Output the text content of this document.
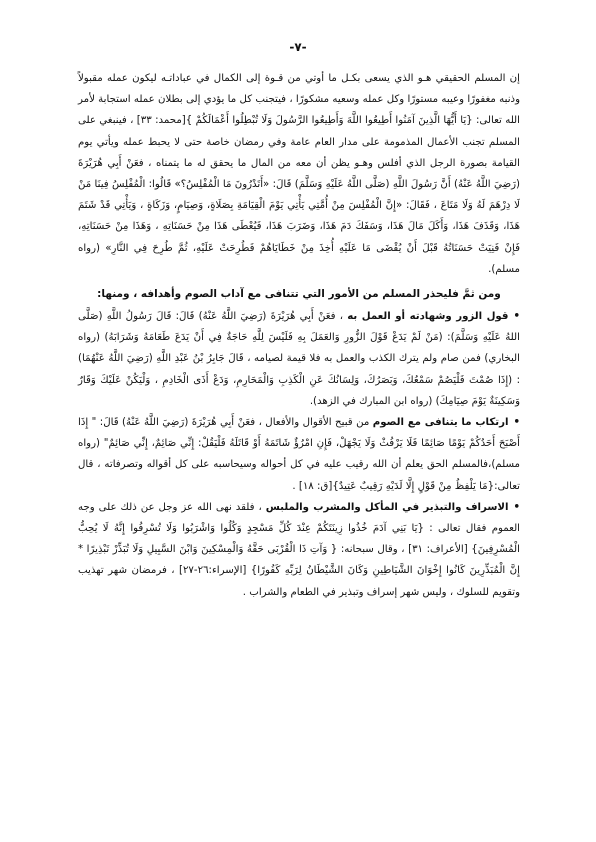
-٧-

إن المسلم الحقيقي هـو الذي يسعى بكـل ما أوتي من قـوة إلى الكمال في عباداتـه ليكون عمله مقبولاً وذنبه مغفورًا وعيبه مستورًا وكل عمله وسعيه مشكورًا ، فيتجنب كل ما يؤدي إلى بطلان عمله استجابة لأمر الله تعالى: {يَا أَيُّهَا الَّذِينَ آمَنُوا أَطِيعُوا اللَّهَ وَأَطِيعُوا الرَّسُولَ وَلَا تُبْطِلُوا أَعْمَالَكُمْ }[محمد: ٣٣] ، فينبغي على المسلم تجنب الأعمال المذمومة على مدار العام عامة وفي رمضان خاصة حتى لا يحبط عمله ويأتي يوم القيامة بصورة الرجل الذي أفلس وهـو يظن أن معه من المال ما يحقق له ما يتمناه ، فعَنْ أَبِي هُرَيْرَةَ (رَضِيَ اللَّهُ عَنْهُ) أَنَّ رَسُولَ اللَّهِ (صَلَّى اللَّهُ عَلَيْهِ وَسَلَّمَ) قَالَ: «أَتَدْرُونَ مَا الْمُفْلِسُ؟» قَالُوا: الْمُفْلِسُ فِينَا مَنْ لَا دِرْهَمَ لَهُ وَلَا مَتَاعَ ، فَقَالَ: «إِنَّ الْمُفْلِسَ مِنْ أُمَّتِي يَأْتِي يَوْمَ الْقِيَامَةِ بِصَلَاةٍ، وَصِيَامٍ، وَزَكَاةٍ ، وَيَأْتِي قَدْ شَتَمَ هَذَا، وَقَذَفَ هَذَا، وَأَكَلَ مَالَ هَذَا، وَسَفَكَ دَمَ هَذَا، وَضَرَبَ هَذَا، فَيُعْطَى هَذَا مِنْ حَسَنَاتِهِ ، وَهَذَا مِنْ حَسَنَاتِهِ، فَإِنْ فَنِيَتْ حَسَنَاتُهُ قَبْلَ أَنْ يُقْضَى مَا عَلَيْهِ أُخِذَ مِنْ خَطَايَاهُمْ فَطُرِحَتْ عَلَيْهِ، ثُمَّ طُرِحَ فِي النَّارِ» (رواه مسلم).

ومن ثمَّ فليحذر المسلم من الأمور التي تتنافى مع آداب الصوم وأهدافه ، ومنها:

•قول الزور وشهادته أو العمل به ، فعَنْ أَبِي هُرَيْرَةَ (رَضِيَ اللَّهُ عَنْهُ) قَالَ: قَالَ رَسُولُ اللَّهِ (صَلَّى اللهُ عَلَيْهِ وَسَلَّمَ): (مَنْ لَمْ يَدَعْ قَوْلَ الزُّورِ وَالعَمَلَ بِهِ فَلَيْسَ لِلَّهِ حَاجَةٌ فِي أَنْ يَدَعَ طَعَامَهُ وَشَرَابَهُ) (رواه البخاري) فمن صام ولم يترك الكذب والعمل به فلا قيمة لصيامه ، قَالَ جَابِرُ بْنُ عَبْدِ اللَّهِ (رَضِيَ اللَّهُ عَنْهُمَا) : (إِذَا صُمْتَ فَلْيَصُمْ سَمْعُكَ، وَبَصَرُكَ، وَلِسَانُكَ عَنِ الْكَذِبِ وَالْمَحَارِمِ، وَدَعْ أَذَى الْخَادِمِ ، وَلْيَكُنْ عَلَيْكَ وَقَارٌ وَسَكِينَةٌ يَوْمَ صِيَامِكَ) (رواه ابن المبارك في الزهد).

•ارتكاب ما يتنافى مع الصوم من قبيح الأقوال والأفعال ، فعَنْ أَبِي هُرَيْرَةَ (رَضِيَ اللَّهُ عَنْهُ) قَالَ: " إِذَا أَصْبَحَ أَحَدُكُمْ يَوْمًا صَائِمًا فَلَا يَرْفُثْ وَلَا يَجْهَلْ، فَإِنِ امْرُؤٌ شَاتَمَهُ أَوْ قَاتَلَهُ فَلْيَقُلْ: إِنِّي صَائِمٌ، إِنِّي صَائِمٌ" (رواه مسلم)،فالمسلم الحق يعلم أن الله رقيب عليه في كل أحواله وسيحاسبه على كل أقواله وتصرفاته ، قال تعالى:{مَا يَلْفِظُ مِنْ قَوْلٍ إِلَّا لَدَيْهِ رَقِيبٌ عَتِيدٌ}[ق: ١٨] .

•الاسراف والتبذير في المأكل والمشرب والملبس ، فلقد نهى الله عز وجل عن ذلك على وجه العموم فقال تعالى : {يَا بَنِي آدَمَ خُذُوا زِينَتَكُمْ عِنْدَ كُلِّ مَسْجِدٍ وَكُلُوا وَاشْرَبُوا وَلَا تُسْرِفُوا إِنَّهُ لَا يُحِبُّ الْمُسْرِفِينَ} [الأعراف: ٣١] ، وقال سبحانه: { وَآتِ ذَا الْقُرْبَى حَقَّهُ وَالْمِسْكِينَ وَابْنَ السَّبِيلِ وَلَا تُبَذِّرْ تَبْذِيرًا * إِنَّ الْمُبَذِّرِينَ كَانُوا إِخْوَانَ الشَّيَاطِينِ وَكَانَ الشَّيْطَانُ لِرَبِّهِ كَفُورًا} [الإسراء:٢٦-٢٧] ، فرمضان شهر تهذيب وتقويم للسلوك ، وليس شهر إسراف وتبذير في الطعام والشراب .
